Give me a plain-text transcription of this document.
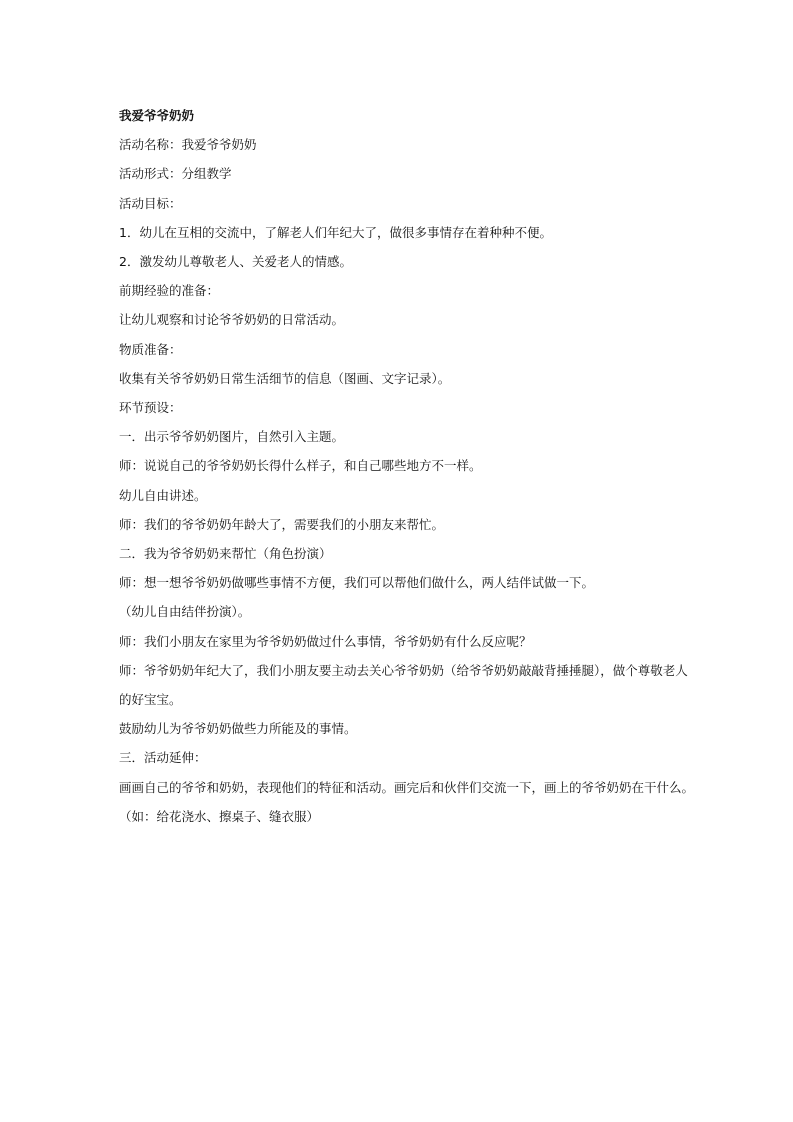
我爱爷爷奶奶
活动名称：我爱爷爷奶奶
活动形式：分组教学
活动目标：
1．幼儿在互相的交流中，了解老人们年纪大了，做很多事情存在着种种不便。
2．激发幼儿尊敬老人、关爱老人的情感。
前期经验的准备：
让幼儿观察和讨论爷爷奶奶的日常活动。
物质准备：
收集有关爷爷奶奶日常生活细节的信息（图画、文字记录）。
环节预设：
一．出示爷爷奶奶图片，自然引入主题。
师：说说自己的爷爷奶奶长得什么样子，和自己哪些地方不一样。
幼儿自由讲述。
师：我们的爷爷奶奶年龄大了，需要我们的小朋友来帮忙。
二．我为爷爷奶奶来帮忙（角色扮演）
师：想一想爷爷奶奶做哪些事情不方便，我们可以帮他们做什么，两人结伴试做一下。
（幼儿自由结伴扮演）。
师：我们小朋友在家里为爷爷奶奶做过什么事情，爷爷奶奶有什么反应呢？
师：爷爷奶奶年纪大了，我们小朋友要主动去关心爷爷奶奶（给爷爷奶奶敲敲背捶捶腿），做个尊敬老人
的好宝宝。
鼓励幼儿为爷爷奶奶做些力所能及的事情。
三．活动延伸：
画画自己的爷爷和奶奶，表现他们的特征和活动。画完后和伙伴们交流一下，画上的爷爷奶奶在干什么。
（如：给花浇水、擦桌子、缝衣服）
